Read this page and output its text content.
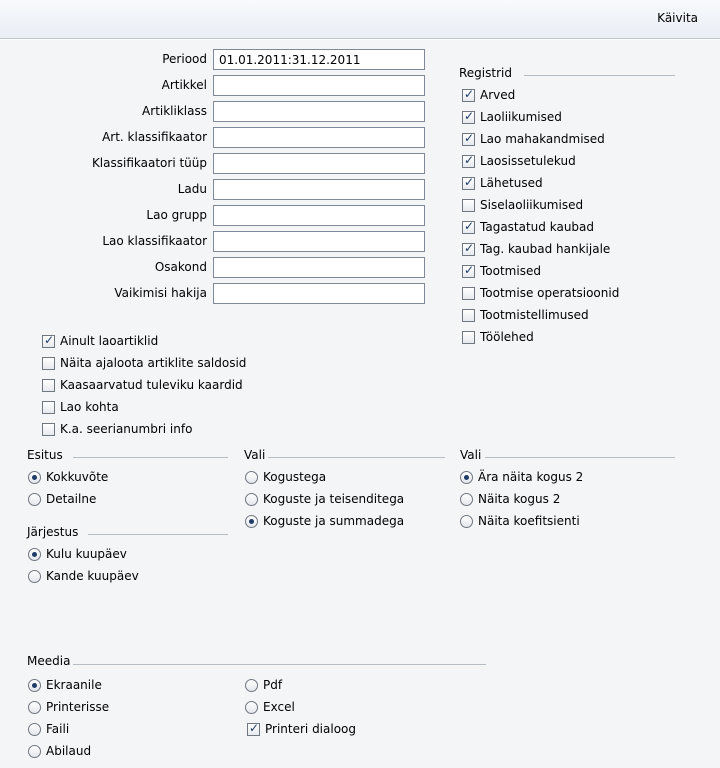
Käivita
Periood
01.01.2011:31.12.2011
Artikkel
Artikliklass
Art. klassifikaator
Klassifikaatori tüüp
Ladu
Lao grupp
Lao klassifikaator
Osakond
Vaikimisi hakija
Registrid
✓
Arved
✓
Laoliikumised
✓
Lao mahakandmised
✓
Laosissetulekud
✓
Lähetused
Siselaoliikumised
✓
Tagastatud kaubad
✓
Tag. kaubad hankijale
✓
Tootmised
Tootmise operatsioonid
Tootmistellimused
Töölehed
✓
Ainult laoartiklid
Näita ajaloota artiklite saldosid
Kaasaarvatud tuleviku kaardid
Lao kohta
K.a. seerianumbri info
Esitus
Kokkuvõte
Detailne
Vali
Kogustega
Koguste ja teisenditega
Koguste ja summadega
Vali
Ära näita kogus 2
Näita kogus 2
Näita koefitsienti
Järjestus
Kulu kuupäev
Kande kuupäev
Meedia
Ekraanile
Printerisse
Faili
Abilaud
Pdf
Excel
✓
Printeri dialoog
